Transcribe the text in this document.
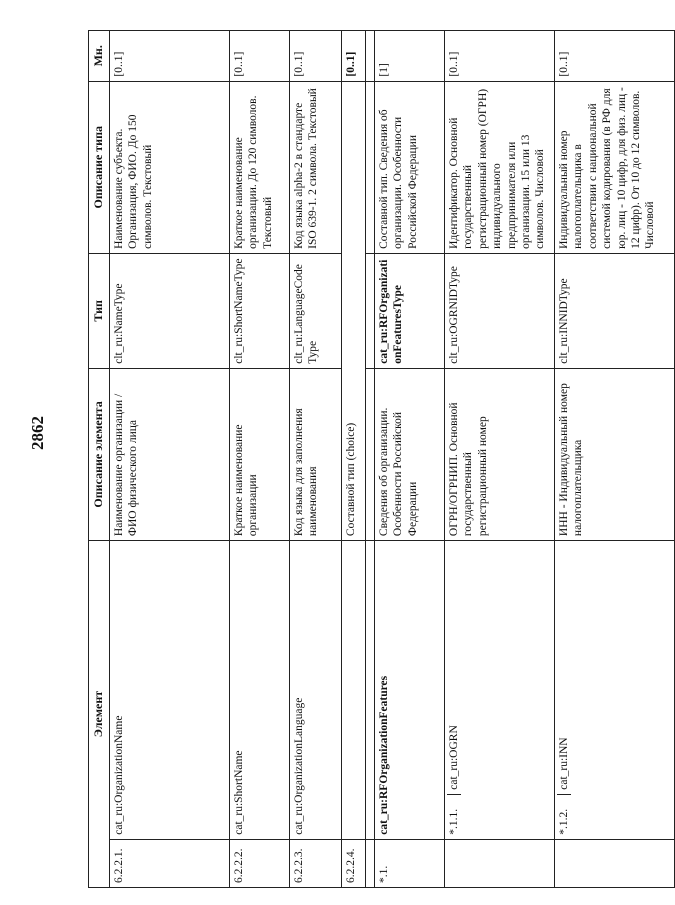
2862
Элемент		Описание элемента	Тип	Описание типа	Мн.
6.2.2.1.	cat_ru:OrganizationName	Наименование организации / ФИО физического лица	clt_ru:NameType	Наименование субъекта. Организация, ФИО. До 150 символов. Текстовый	[0..1]
6.2.2.2.	cat_ru:ShortName	Краткое наименование организации	clt_ru:ShortNameType	Краткое наименование организации. До 120 символов. Текстовый	[0..1]
6.2.2.3.	cat_ru:OrganizationLanguage	Код языка для заполнения наименования	clt_ru:LanguageCodeType	Код языка alpha-2 в стандарте ISO 639-1. 2 символа. Текстовый	[0..1]
6.2.2.4.		Составной тип (choice)			[0..1]

*.1.	cat_ru:RFOrganizationFeatures	Сведения об организации. Особенности Российской Федерации	cat_ru:RFOrganizationFeaturesType	Составной тип. Сведения об организации. Особенности Российской Федерации	[1]
	*.1.1.cat_ru:OGRN	ОГРН/ОГРНИП. Основной государственный регистрационный номер	clt_ru:OGRNIDType	Идентификатор. Основной государственный регистрационный номер (ОГРН) индивидуального предпринимателя или организации. 15 или 13 символов. Числовой	[0..1]
	*.1.2.cat_ru:INN	ИНН - Индивидуальный номер налогоплательщика	clt_ru:INNIDType	Индивидуальный номер налогоплательщика в соответствии с национальной системой кодирования (в РФ для юр. лиц - 10 цифр, для физ. лиц - 12 цифр). От 10 до 12 символов. Числовой	[0..1]
